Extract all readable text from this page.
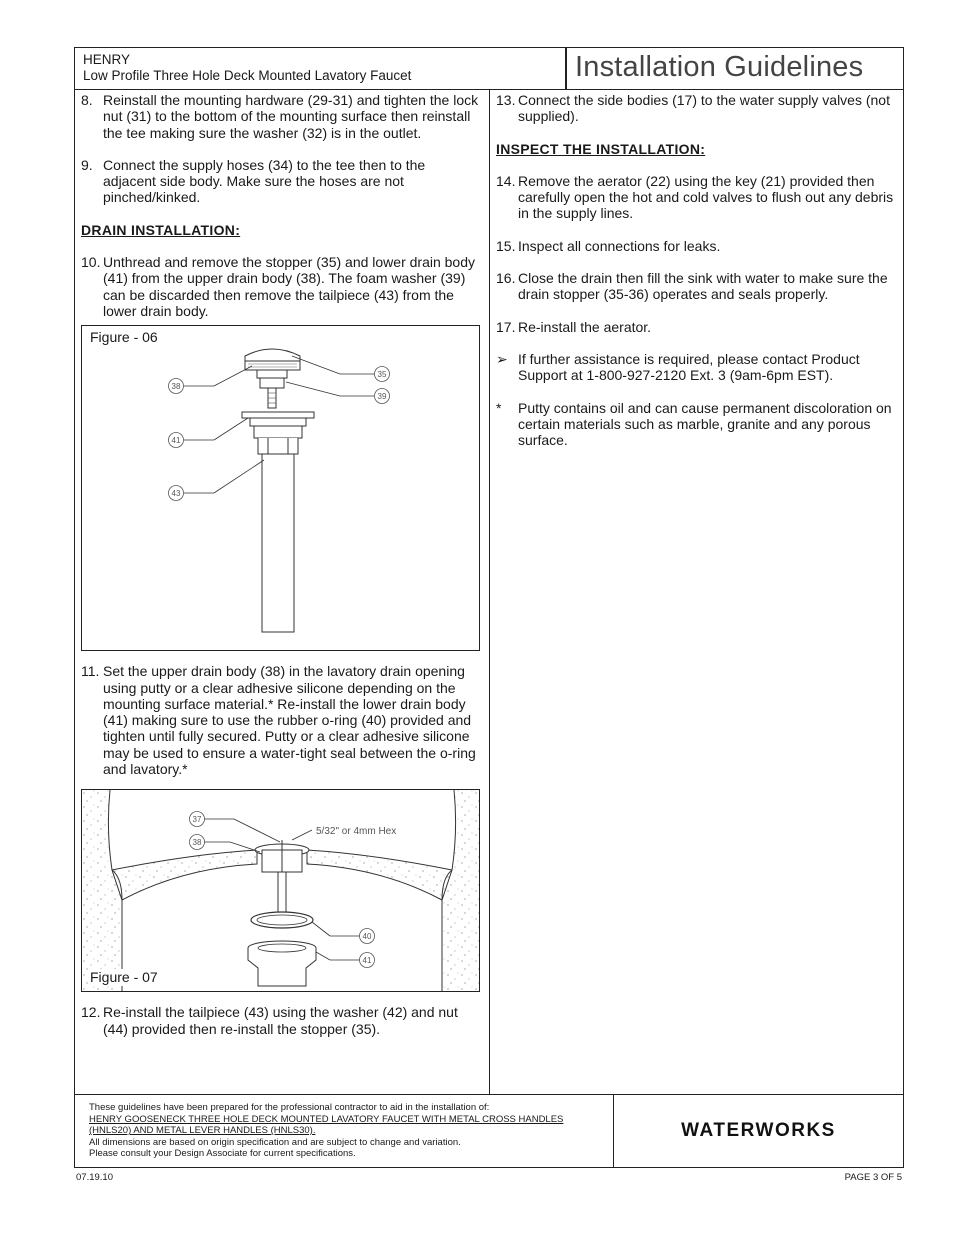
HENRY
Low Profile Three Hole Deck Mounted Lavatory Faucet	Installation Guidelines

8. Reinstall the mounting hardware (29-31) and tighten the lock nut (31) to the bottom of the mounting surface then reinstall the tee making sure the washer (32) is in the outlet.

9. Connect the supply hoses (34) to the tee then to the adjacent side body. Make sure the hoses are not pinched/kinked.

DRAIN INSTALLATION:

10. Unthread and remove the stopper (35) and lower drain body (41) from the upper drain body (38). The foam washer (39) can be discarded then remove the tailpiece (43) from the lower drain body.

Figure - 06
35
39
38
41
43

11. Set the upper drain body (38) in the lavatory drain opening using putty or a clear adhesive silicone depending on the mounting surface material.* Re-install the lower drain body (41) making sure to use the rubber o-ring (40) provided and tighten until fully secured. Putty or a clear adhesive silicone may be used to ensure a water-tight seal between the o-ring and lavatory.*

5/32" or 4mm Hex
37
38
40
41
Figure - 07

12. Re-install the tailpiece (43) using the washer (42) and nut (44) provided then re-install the stopper (35).

13. Connect the side bodies (17) to the water supply valves (not supplied).

INSPECT THE INSTALLATION:

14. Remove the aerator (22) using the key (21) provided then carefully open the hot and cold valves to flush out any debris in the supply lines.

15. Inspect all connections for leaks.

16. Close the drain then fill the sink with water to make sure the drain stopper (35-36) operates and seals properly.

17. Re-install the aerator.

➢ If further assistance is required, please contact Product Support at 1-800-927-2120 Ext. 3 (9am-6pm EST).

* Putty contains oil and can cause permanent discoloration on certain materials such as marble, granite and any porous surface.

These guidelines have been prepared for the professional contractor to aid in the installation of:
HENRY GOOSENECK THREE HOLE DECK MOUNTED LAVATORY FAUCET WITH METAL CROSS HANDLES
(HNLS20) AND METAL LEVER HANDLES (HNLS30).
All dimensions are based on origin specification and are subject to change and variation.
Please consult your Design Associate for current specifications.
WATERWORKS
07.19.10	PAGE 3 OF 5
